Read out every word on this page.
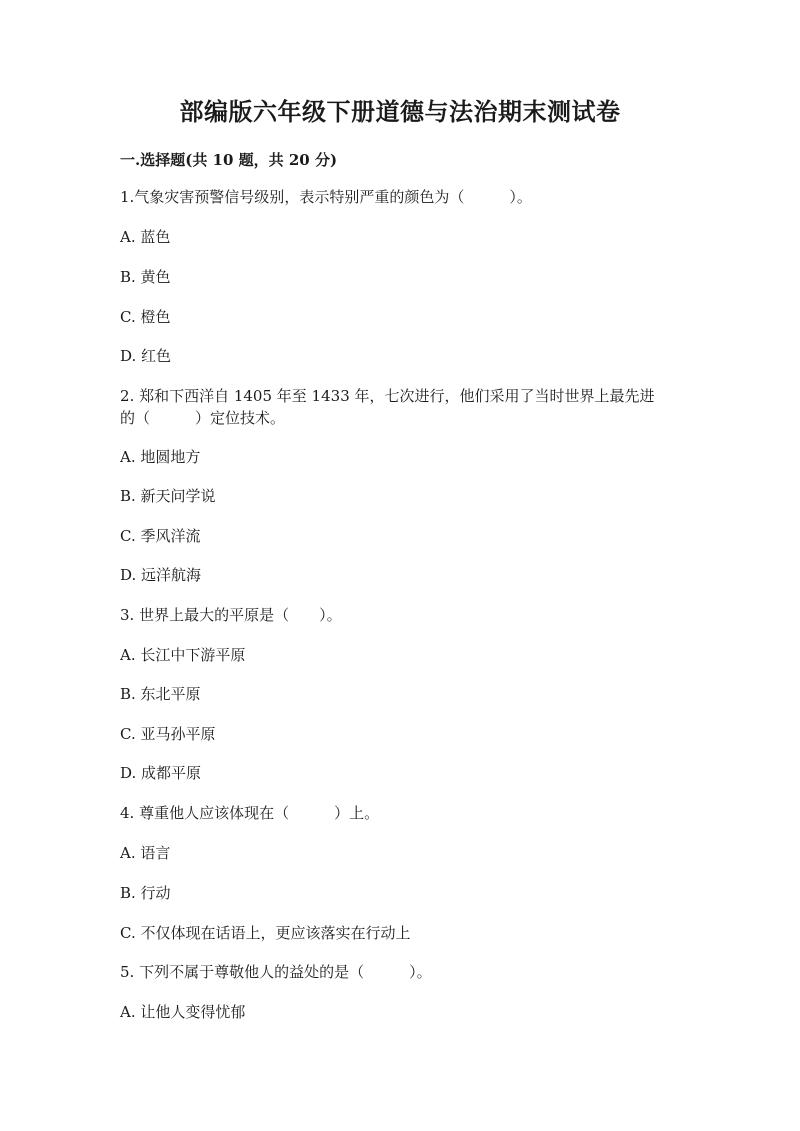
部编版六年级下册道德与法治期末测试卷
一.选择题(共 10 题，共 20 分)
1.气象灾害预警信号级别，表示特别严重的颜色为（　　　）。
A. 蓝色
B. 黄色
C. 橙色
D. 红色
2. 郑和下西洋自 1405 年至 1433 年，七次进行，他们采用了当时世界上最先进
的（　　　）定位技术。
A. 地圆地方
B. 新天问学说
C. 季风洋流
D. 远洋航海
3. 世界上最大的平原是（　　）。
A. 长江中下游平原
B. 东北平原
C. 亚马孙平原
D. 成都平原
4. 尊重他人应该体现在（　　　）上。
A. 语言
B. 行动
C. 不仅体现在话语上，更应该落实在行动上
5. 下列不属于尊敬他人的益处的是（　　　）。
A. 让他人变得忧郁
